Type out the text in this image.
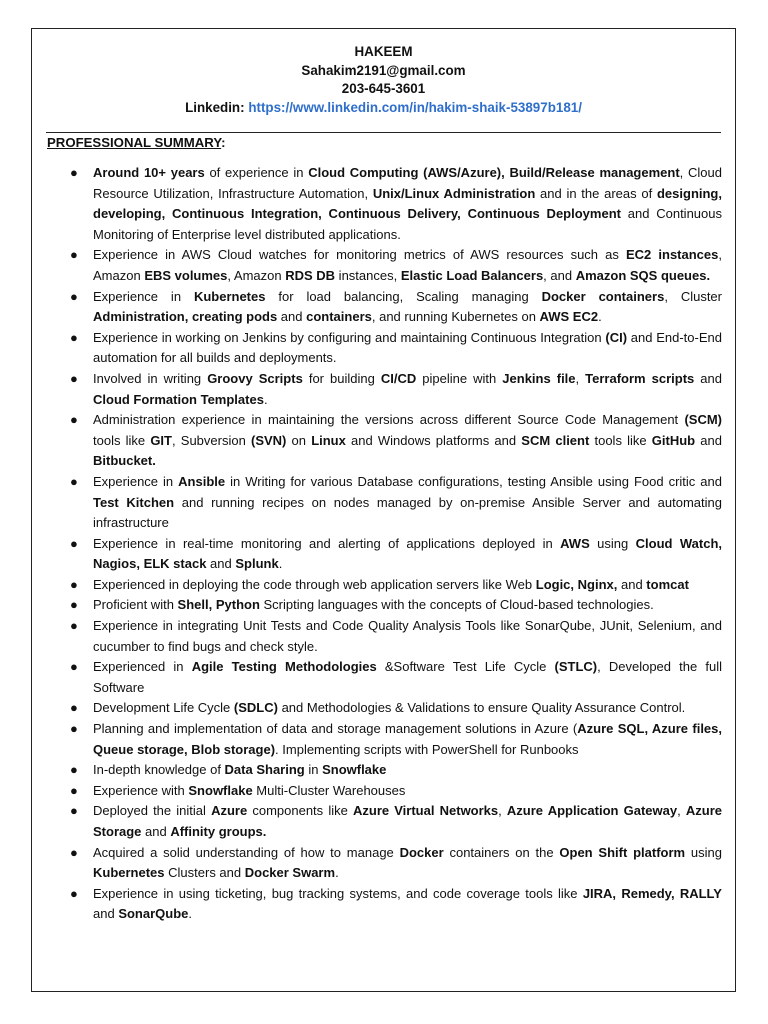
HAKEEM
Sahakim2191@gmail.com
203-645-3601
Linkedin: https://www.linkedin.com/in/hakim-shaik-53897b181/
PROFESSIONAL SUMMARY:
● Around 10+ years of experience in Cloud Computing (AWS/Azure), Build/Release management, Cloud Resource Utilization, Infrastructure Automation, Unix/Linux Administration and in the areas of designing, developing, Continuous Integration, Continuous Delivery, Continuous Deployment and Continuous Monitoring of Enterprise level distributed applications.
● Experience in AWS Cloud watches for monitoring metrics of AWS resources such as EC2 instances, Amazon EBS volumes, Amazon RDS DB instances, Elastic Load Balancers, and Amazon SQS queues.
● Experience in Kubernetes for load balancing, Scaling managing Docker containers, Cluster Administration, creating pods and containers, and running Kubernetes on AWS EC2.
● Experience in working on Jenkins by configuring and maintaining Continuous Integration (CI) and End-to-End automation for all builds and deployments.
● Involved in writing Groovy Scripts for building CI/CD pipeline with Jenkins file, Terraform scripts and Cloud Formation Templates.
● Administration experience in maintaining the versions across different Source Code Management (SCM) tools like GIT, Subversion (SVN) on Linux and Windows platforms and SCM client tools like GitHub and Bitbucket.
● Experience in Ansible in Writing for various Database configurations, testing Ansible using Food critic and Test Kitchen and running recipes on nodes managed by on-premise Ansible Server and automating infrastructure
● Experience in real-time monitoring and alerting of applications deployed in AWS using Cloud Watch, Nagios, ELK stack and Splunk.
● Experienced in deploying the code through web application servers like Web Logic, Nginx, and tomcat
● Proficient with Shell, Python Scripting languages with the concepts of Cloud-based technologies.
● Experience in integrating Unit Tests and Code Quality Analysis Tools like SonarQube, JUnit, Selenium, and cucumber to find bugs and check style.
● Experienced in Agile Testing Methodologies &Software Test Life Cycle (STLC), Developed the full Software
● Development Life Cycle (SDLC) and Methodologies & Validations to ensure Quality Assurance Control.
● Planning and implementation of data and storage management solutions in Azure (Azure SQL, Azure files, Queue storage, Blob storage). Implementing scripts with PowerShell for Runbooks
● In-depth knowledge of Data Sharing in Snowflake
● Experience with Snowflake Multi-Cluster Warehouses
● Deployed the initial Azure components like Azure Virtual Networks, Azure Application Gateway, Azure Storage and Affinity groups.
● Acquired a solid understanding of how to manage Docker containers on the Open Shift platform using Kubernetes Clusters and Docker Swarm.
● Experience in using ticketing, bug tracking systems, and code coverage tools like JIRA, Remedy, RALLY and SonarQube.
